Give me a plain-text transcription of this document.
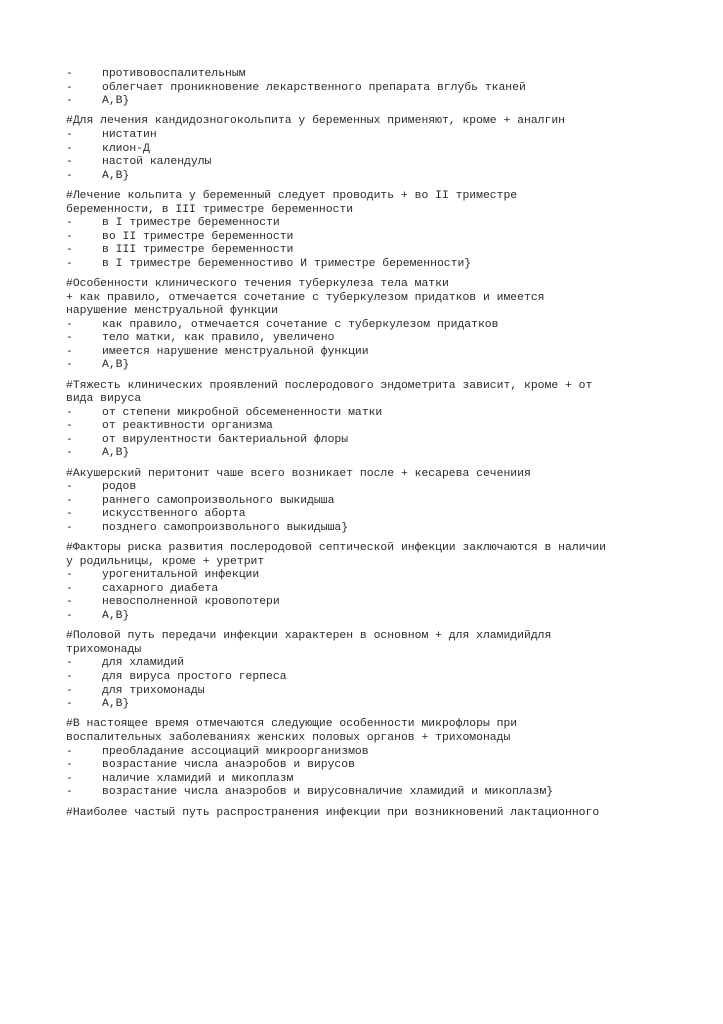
-	противовоспалительным
-	облегчает проникновение лекарственного препарата вглубь тканей
-	А,В}
#Для лечения кандидозногокольпита у беременных применяют, кроме + аналгин
-	нистатин
-	клион-Д
-	настой календулы
-	А,В}
#Лечение кольпита у беременный следует проводить + во II триместре
беременности, в III триместре беременности
-	в I триместре беременности
-	во II триместре беременности
-	в III триместре беременности
-	в I триместре беременностиво И триместре беременности}
#Особенности клинического течения туберкулеза тела матки
+ как правило, отмечается сочетание с туберкулезом придатков и имеется
нарушение менструальной функции
-	как правило, отмечается сочетание с туберкулезом придатков
-	тело матки, как правило, увеличено
-	имеется нарушение менструальной функции
-	А,В}
#Тяжесть клинических проявлений послеродового эндометрита зависит, кроме + от
вида вируса
-	от степени микробной обсемененности матки
-	от реактивности организма
-	от вирулентности бактериальной флоры
-	А,В}
#Акушерский перитонит чаше всего возникает после + кесарева сечениия
-	родов
-	раннего самопроизвольного выкидыша
-	искусственного аборта
-	позднего самопроизвольного выкидыша}
#Факторы риска развития послеродовой септической инфекции заключаются в наличии
у родильницы, кроме + уретрит
-	урогенитальной инфекции
-	сахарного диабета
-	невосполненной кровопотери
-	А,В}
#Половой путь передачи инфекции характерен в основном + для хламидийдля
трихомонады
-	для хламидий
-	для вируса простого герпеса
-	для трихомонады
-	А,В}
#В настоящее время отмечаются следующие особенности микрофлоры при
воспалительных заболеваниях женских половых органов + трихомонады
-	преобладание ассоциаций микроорганизмов
-	возрастание числа анаэробов и вирусов
-	наличие хламидий и микоплазм
-	возрастание числа анаэробов и вирусовналичие хламидий и микоплазм}
#Наиболее частый путь распространения инфекции при возникновений лактационного
